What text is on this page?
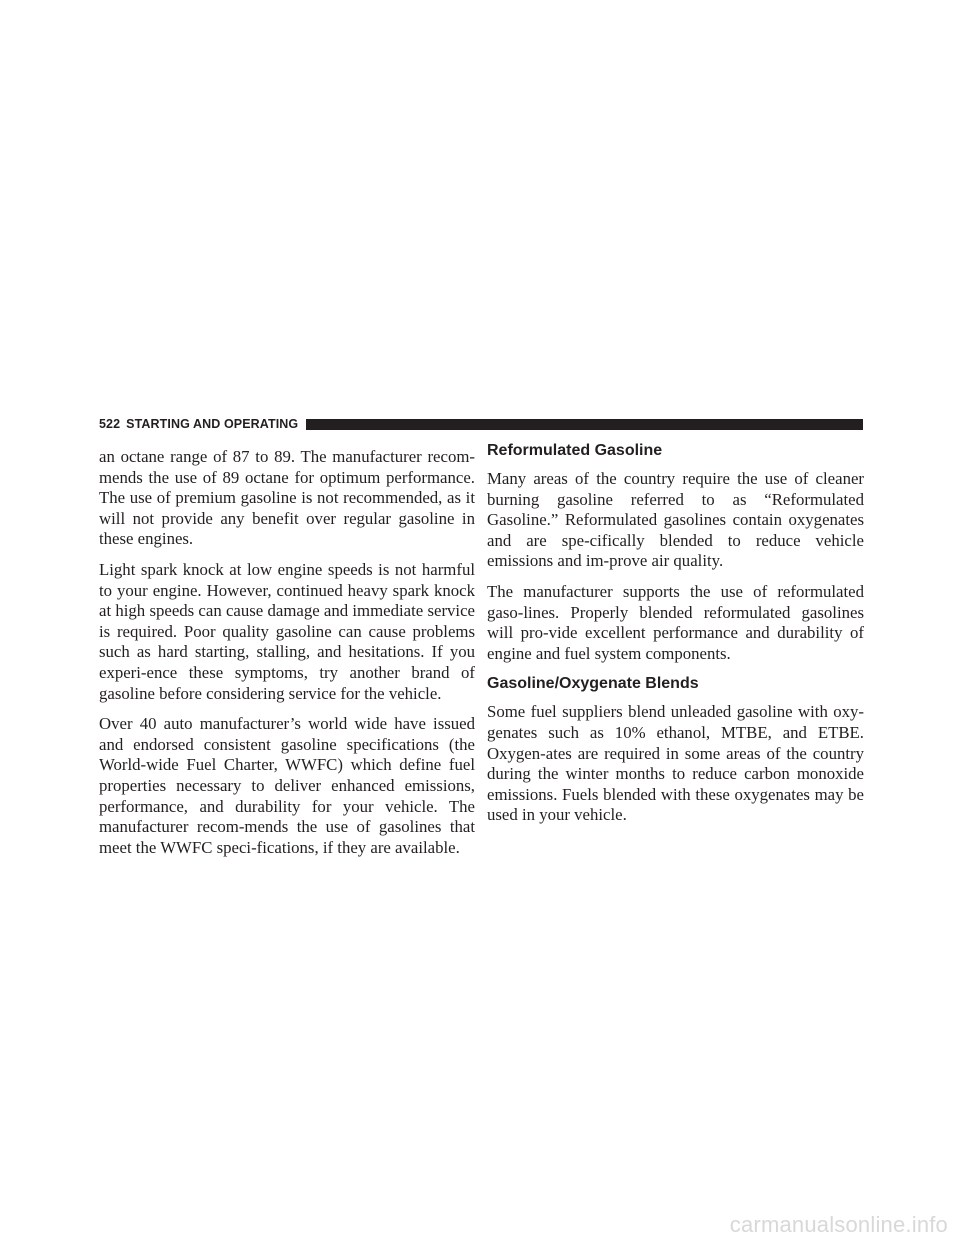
522 STARTING AND OPERATING

an octane range of 87 to 89. The manufacturer recom-mends the use of 89 octane for optimum performance. The use of premium gasoline is not recommended, as it will not provide any benefit over regular gasoline in these engines.

Light spark knock at low engine speeds is not harmful to your engine. However, continued heavy spark knock at high speeds can cause damage and immediate service is required. Poor quality gasoline can cause problems such as hard starting, stalling, and hesitations. If you experi-ence these symptoms, try another brand of gasoline before considering service for the vehicle.

Over 40 auto manufacturer’s world wide have issued and endorsed consistent gasoline specifications (the World-wide Fuel Charter, WWFC) which define fuel properties necessary to deliver enhanced emissions, performance, and durability for your vehicle. The manufacturer recom-mends the use of gasolines that meet the WWFC speci-fications, if they are available.

Reformulated Gasoline

Many areas of the country require the use of cleaner burning gasoline referred to as “Reformulated Gasoline.” Reformulated gasolines contain oxygenates and are spe-cifically blended to reduce vehicle emissions and im-prove air quality.

The manufacturer supports the use of reformulated gaso-lines. Properly blended reformulated gasolines will pro-vide excellent performance and durability of engine and fuel system components.

Gasoline/Oxygenate Blends

Some fuel suppliers blend unleaded gasoline with oxy-genates such as 10% ethanol, MTBE, and ETBE. Oxygen-ates are required in some areas of the country during the winter months to reduce carbon monoxide emissions. Fuels blended with these oxygenates may be used in your vehicle.

carmanualsonline.info
